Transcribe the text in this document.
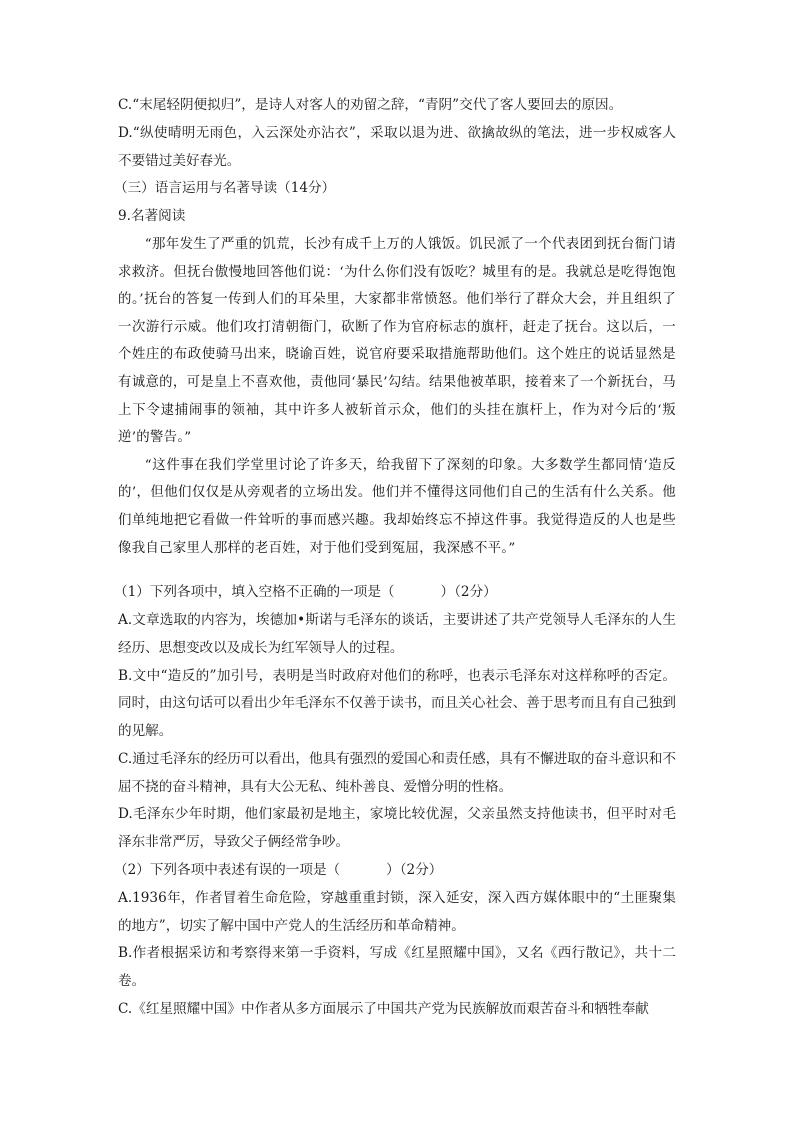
C.“末尾轻阴便拟归”，是诗人对客人的劝留之辞，“青阴”交代了客人要回去的原因。

D.“纵使晴明无雨色，入云深处亦沾衣”，采取以退为进、欲擒故纵的笔法，进一步权威客人不要错过美好春光。

（三）语言运用与名著导读（14分）

9.名著阅读

“那年发生了严重的饥荒，长沙有成千上万的人饿饭。饥民派了一个代表团到抚台衙门请求救济。但抚台傲慢地回答他们说：‘为什么你们没有饭吃？城里有的是。我就总是吃得饱饱的。’抚台的答复一传到人们的耳朵里，大家都非常愤怒。他们举行了群众大会，并且组织了一次游行示威。他们攻打清朝衙门，砍断了作为官府标志的旗杆，赶走了抚台。这以后，一个姓庄的布政使骑马出来，晓谕百姓，说官府要采取措施帮助他们。这个姓庄的说话显然是有诚意的，可是皇上不喜欢他，责他同‘暴民’勾结。结果他被革职，接着来了一个新抚台，马上下令逮捕闹事的领袖，其中许多人被斩首示众，他们的头挂在旗杆上，作为对今后的‘叛逆’的警告。”

“这件事在我们学堂里讨论了许多天，给我留下了深刻的印象。大多数学生都同情‘造反的’，但他们仅仅是从旁观者的立场出发。他们并不懂得这同他们自己的生活有什么关系。他们单纯地把它看做一件耸听的事而感兴趣。我却始终忘不掉这件事。我觉得造反的人也是些像我自己家里人那样的老百姓，对于他们受到冤屈，我深感不平。”

（1）下列各项中，填入空格不正确的一项是（	）（2分）

A.文章选取的内容为，埃德加•斯诺与毛泽东的谈话，主要讲述了共产党领导人毛泽东的人生经历、思想变改以及成长为红军领导人的过程。

B.文中“造反的”加引号，表明是当时政府对他们的称呼，也表示毛泽东对这样称呼的否定。同时，由这句话可以看出少年毛泽东不仅善于读书，而且关心社会、善于思考而且有自己独到的见解。

C.通过毛泽东的经历可以看出，他具有强烈的爱国心和责任感，具有不懈进取的奋斗意识和不屈不挠的奋斗精神，具有大公无私、纯朴善良、爱憎分明的性格。

D.毛泽东少年时期，他们家最初是地主，家境比较优渥，父亲虽然支持他读书，但平时对毛泽东非常严厉，导致父子俩经常争吵。

（2）下列各项中表述有误的一项是（	）（2分）

A.1936年，作者冒着生命危险，穿越重重封锁，深入延安，深入西方媒体眼中的“土匪聚集的地方”，切实了解中国中产党人的生活经历和革命精神。

B.作者根据采访和考察得来第一手资料，写成《红星照耀中国》，又名《西行散记》，共十二卷。

C.《红星照耀中国》中作者从多方面展示了中国共产党为民族解放而艰苦奋斗和牺牲奉献
